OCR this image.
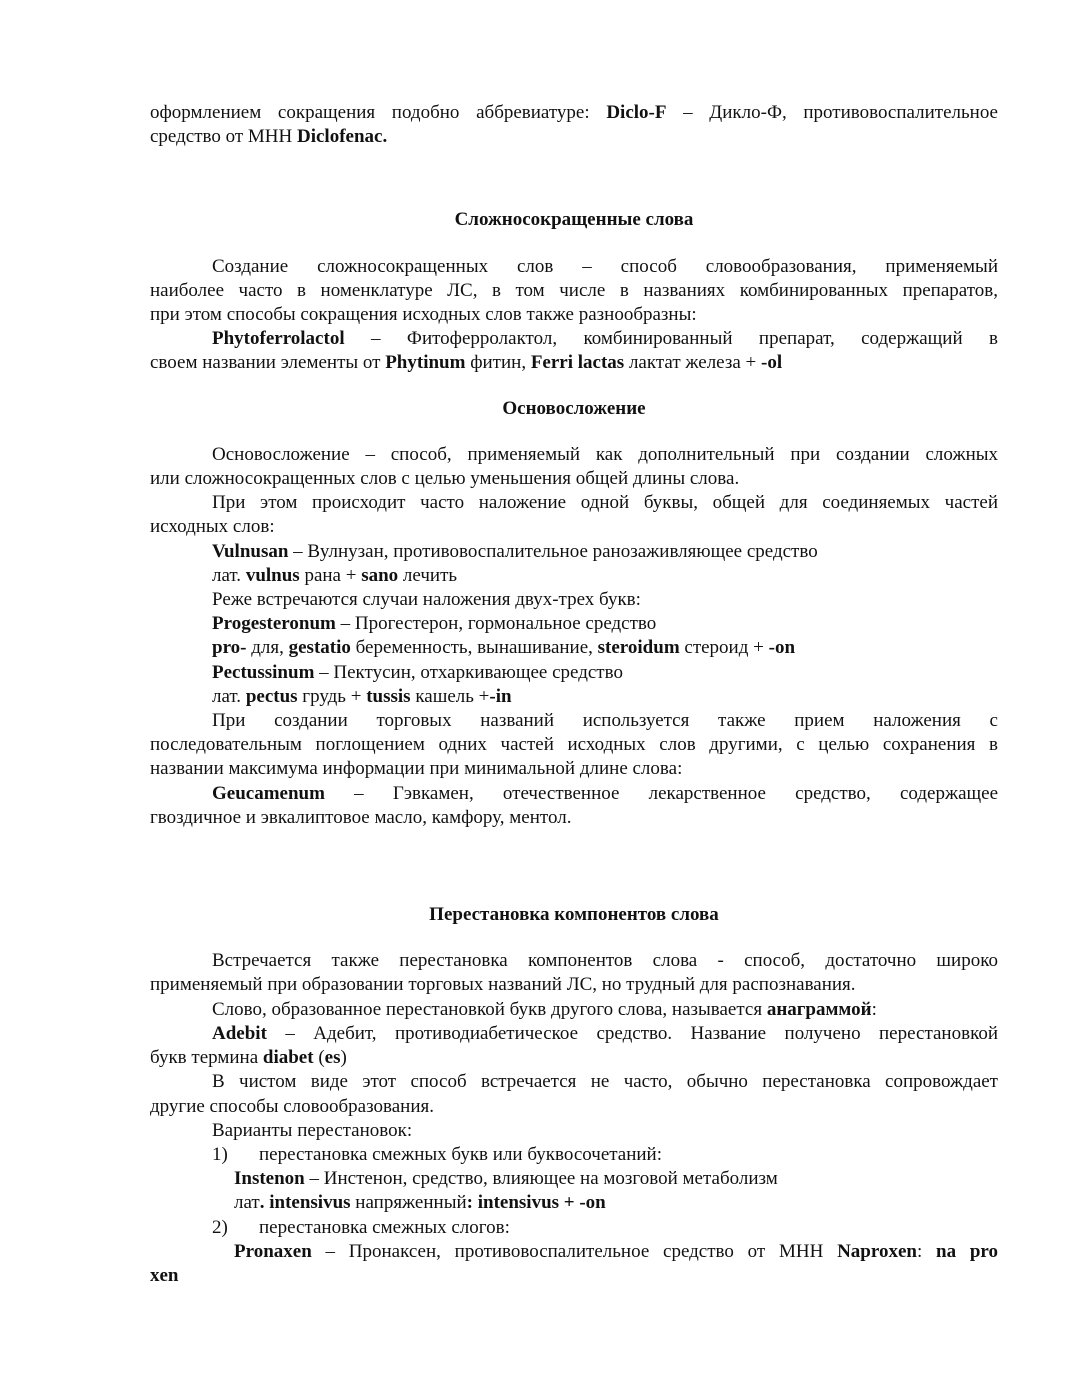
оформлением сокращения подобно аббревиатуре: Diclo-F – Дикло-Ф, противовоспалительное

средство от МНН Diclofenac.

Сложносокращенные слова

Создание сложносокращенных слов – способ словообразования, применяемый

наиболее часто в номенклатуре ЛС, в том числе в названиях комбинированных препаратов,

при этом способы сокращения исходных слов также разнообразны:

Phytoferrolactol – Фитоферролактол, комбинированный препарат, содержащий в

своем названии элементы от Phytinum фитин, Ferri lactas лактат железа + -ol

Основосложение

Основосложение – способ, применяемый как дополнительный при создании сложных

или сложносокращенных слов с целью уменьшения общей длины слова.

При этом происходит часто наложение одной буквы, общей для соединяемых частей

исходных слов:

Vulnusan – Вулнузан, противовоспалительное ранозаживляющее средство

лат. vulnus рана + sano лечить

Реже встречаются случаи наложения двух-трех букв:

Progesteronum – Прогестерон, гормональное средство

pro- для, gestatio беременность, вынашивание, steroidum стероид + -on

Pectussinum – Пектусин, отхаркивающее средство

лат. pectus грудь + tussis кашель +-in

При создании торговых названий используется также прием наложения с

последовательным поглощением одних частей исходных слов другими, с целью сохранения в

названии максимума информации при минимальной длине слова:

Geucamenum – Гэвкамен, отечественное лекарственное средство, содержащее

гвоздичное и эвкалиптовое масло, камфору, ментол.

Перестановка компонентов слова

Встречается также перестановка компонентов слова - способ, достаточно широко

применяемый при образовании торговых названий ЛС, но трудный для распознавания.

Слово, образованное перестановкой букв другого слова, называется анаграммой:

Adebit – Адебит, противодиабетическое средство. Название получено перестановкой

букв термина diabet (es)

В чистом виде этот способ встречается не часто, обычно перестановка сопровождает

другие способы словообразования.

Варианты перестановок:

1) перестановка смежных букв или буквосочетаний:

Instenon – Инстенон, средство, влияющее на мозговой метаболизм

лат. intensivus напряженный: intensivus + -on

2) перестановка смежных слогов:

Pronaxen – Пронаксен, противовоспалительное средство от МНН Naproxen: na pro

xen
